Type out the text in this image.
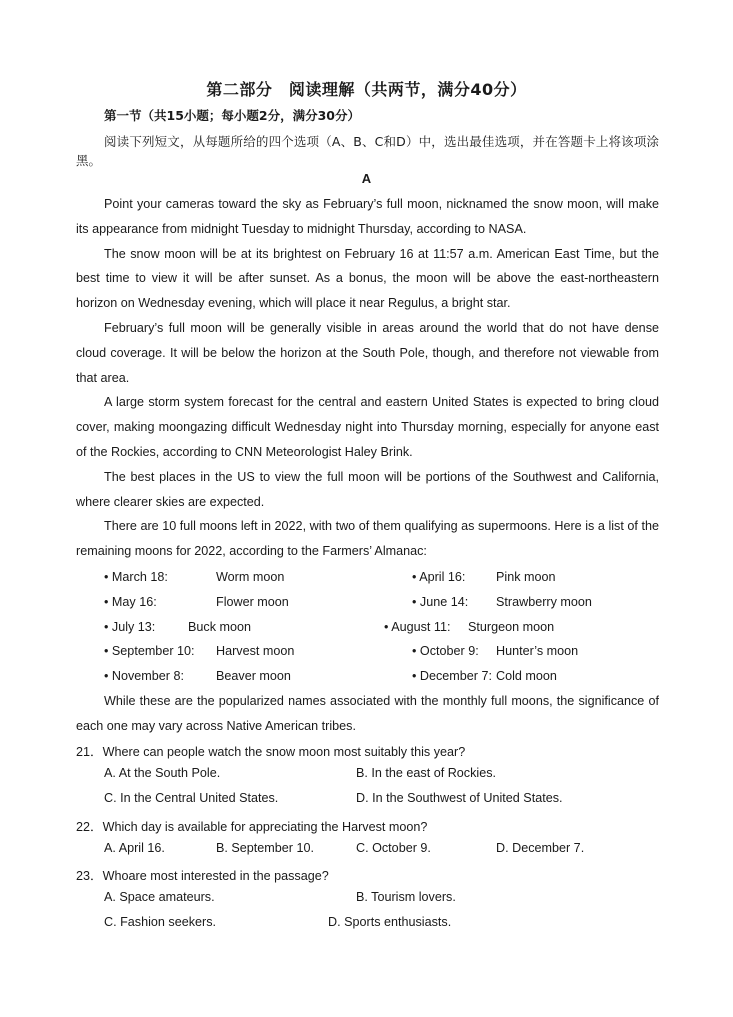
第二部分　阅读理解（共两节，满分40分）
第一节（共15小题；每小题2分，满分30分）
阅读下列短文，从每题所给的四个选项（A、B、C和D）中，选出最佳选项，并在答题卡上将该项涂黑。
A

Point your cameras toward the sky as February’s full moon, nicknamed the snow moon, will make its appearance from midnight Tuesday to midnight Thursday, according to NASA.

The snow moon will be at its brightest on February 16 at 11:57 a.m. American East Time, but the best time to view it will be after sunset. As a bonus, the moon will be above the east-northeastern horizon on Wednesday evening, which will place it near Regulus, a bright star.

February’s full moon will be generally visible in areas around the world that do not have dense cloud coverage. It will be below the horizon at the South Pole, though, and therefore not viewable from that area.

A large storm system forecast for the central and eastern United States is expected to bring cloud cover, making moongazing difficult Wednesday night into Thursday morning, especially for anyone east of the Rockies, according to CNN Meteorologist Haley Brink.

The best places in the US to view the full moon will be portions of the Southwest and California, where clearer skies are expected.

There are 10 full moons left in 2022, with two of them qualifying as supermoons. Here is a list of the remaining moons for 2022, according to the Farmers’ Almanac:

• March 18:	Worm moon	• April 16: Pink moon
• May 16:	Flower moon	• June 14: Strawberry moon
• July 13:	Buck moon	• August 11: Sturgeon moon
• September 10: Harvest moon	• October 9: Hunter’s moon
• November 8:	Beaver moon	• December 7: Cold moon

While these are the popularized names associated with the monthly full moons, the significance of each one may vary across Native American tribes.

21．Where can people watch the snow moon most suitably this year?
A. At the South Pole.	B. In the east of Rockies.
C. In the Central United States.	D. In the Southwest of United States.
22．Which day is available for appreciating the Harvest moon?
A. April 16.	B. September 10.	C. October 9.	D. December 7.
23．Whoare most interested in the passage?
A. Space amateurs.	B. Tourism lovers.
C. Fashion seekers.	D. Sports enthusiasts.
